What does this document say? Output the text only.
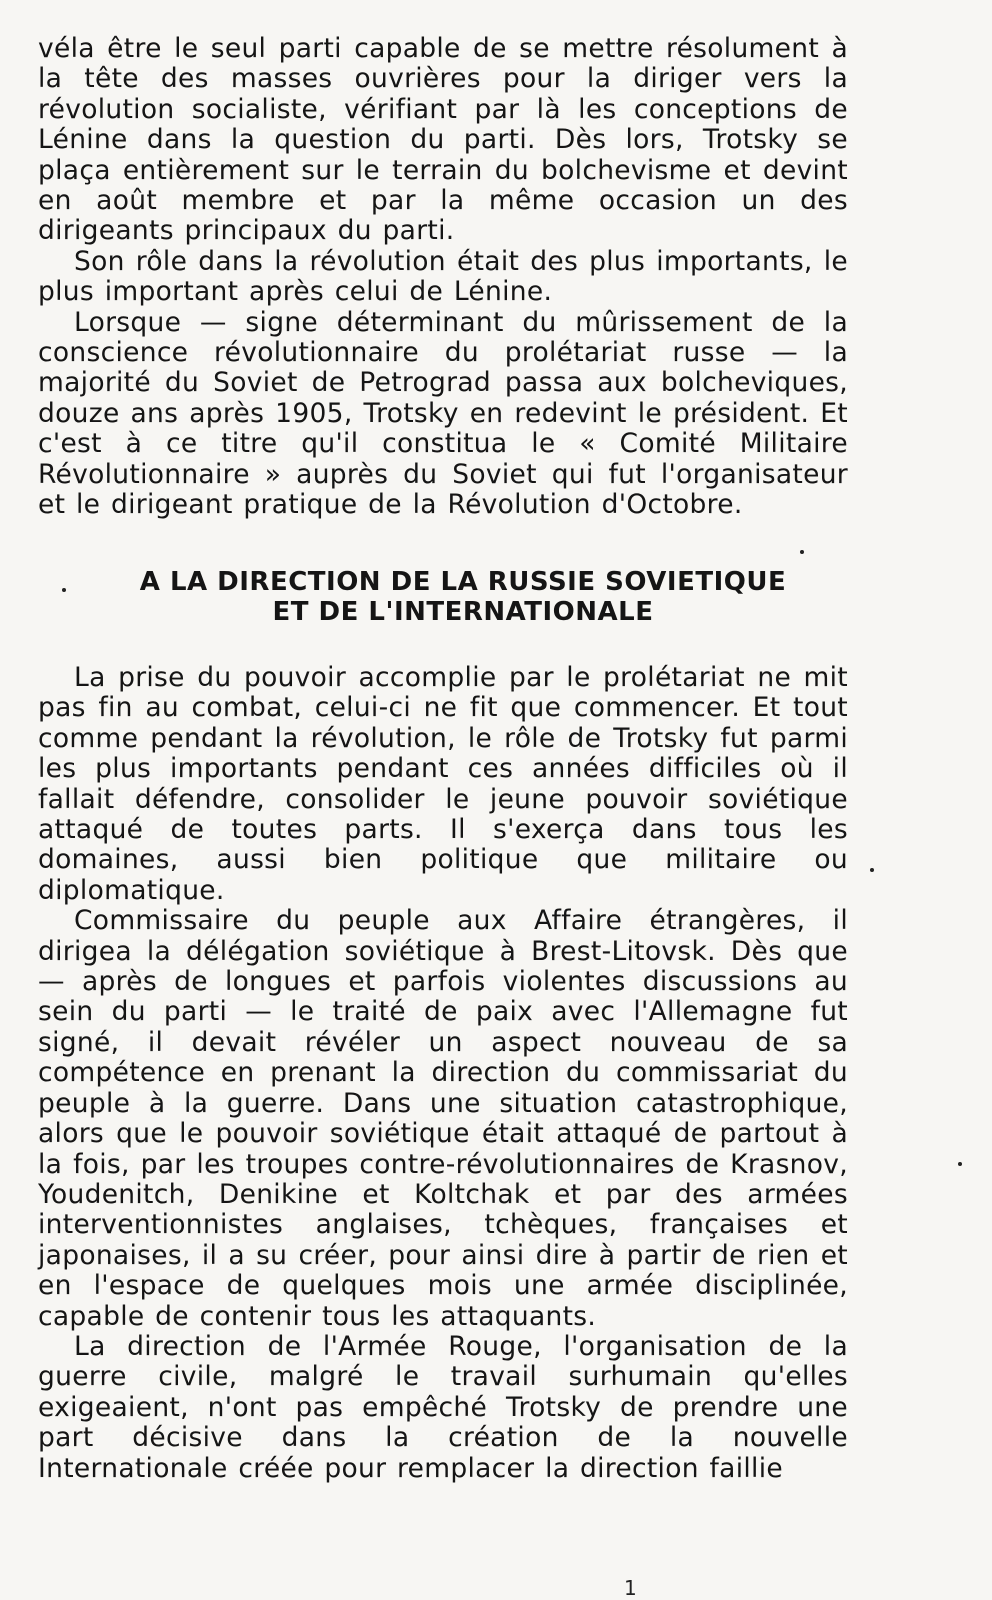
véla être le seul parti capable de se mettre résolument à la tête des masses ouvrières pour la diriger vers la révolution socialiste, vérifiant par là les conceptions de Lénine dans la question du parti. Dès lors, Trotsky se plaça entièrement sur le terrain du bolchevisme et devint en août membre et par la même occasion un des dirigeants principaux du parti.

Son rôle dans la révolution était des plus importants, le plus important après celui de Lénine.

Lorsque — signe déterminant du mûrissement de la conscience révolutionnaire du prolétariat russe — la majorité du Soviet de Petrograd passa aux bolcheviques, douze ans après 1905, Trotsky en redevint le président. Et c'est à ce titre qu'il constitua le « Comité Militaire Révolutionnaire » auprès du Soviet qui fut l'organisateur et le dirigeant pratique de la Révolution d'Octobre.

A LA DIRECTION DE LA RUSSIE SOVIETIQUE
ET DE L'INTERNATIONALE

La prise du pouvoir accomplie par le prolétariat ne mit pas fin au combat, celui-ci ne fit que commencer. Et tout comme pendant la révolution, le rôle de Trotsky fut parmi les plus importants pendant ces années difficiles où il fallait défendre, consolider le jeune pouvoir soviétique attaqué de toutes parts. Il s'exerça dans tous les domaines, aussi bien politique que militaire ou diplomatique.

Commissaire du peuple aux Affaire étrangères, il dirigea la délégation soviétique à Brest-Litovsk. Dès que — après de longues et parfois violentes discussions au sein du parti — le traité de paix avec l'Allemagne fut signé, il devait révéler un aspect nouveau de sa compétence en prenant la direction du commissariat du peuple à la guerre. Dans une situation catastrophique, alors que le pouvoir soviétique était attaqué de partout à la fois, par les troupes contre-révolutionnaires de Krasnov, Youdenitch, Denikine et Koltchak et par des armées interventionnistes anglaises, tchèques, françaises et japonaises, il a su créer, pour ainsi dire à partir de rien et en l'espace de quelques mois une armée disciplinée, capable de contenir tous les attaquants.

La direction de l'Armée Rouge, l'organisation de la guerre civile, malgré le travail surhumain qu'elles exigeaient, n'ont pas empêché Trotsky de prendre une part décisive dans la création de la nouvelle Internationale créée pour remplacer la direction faillie

1
